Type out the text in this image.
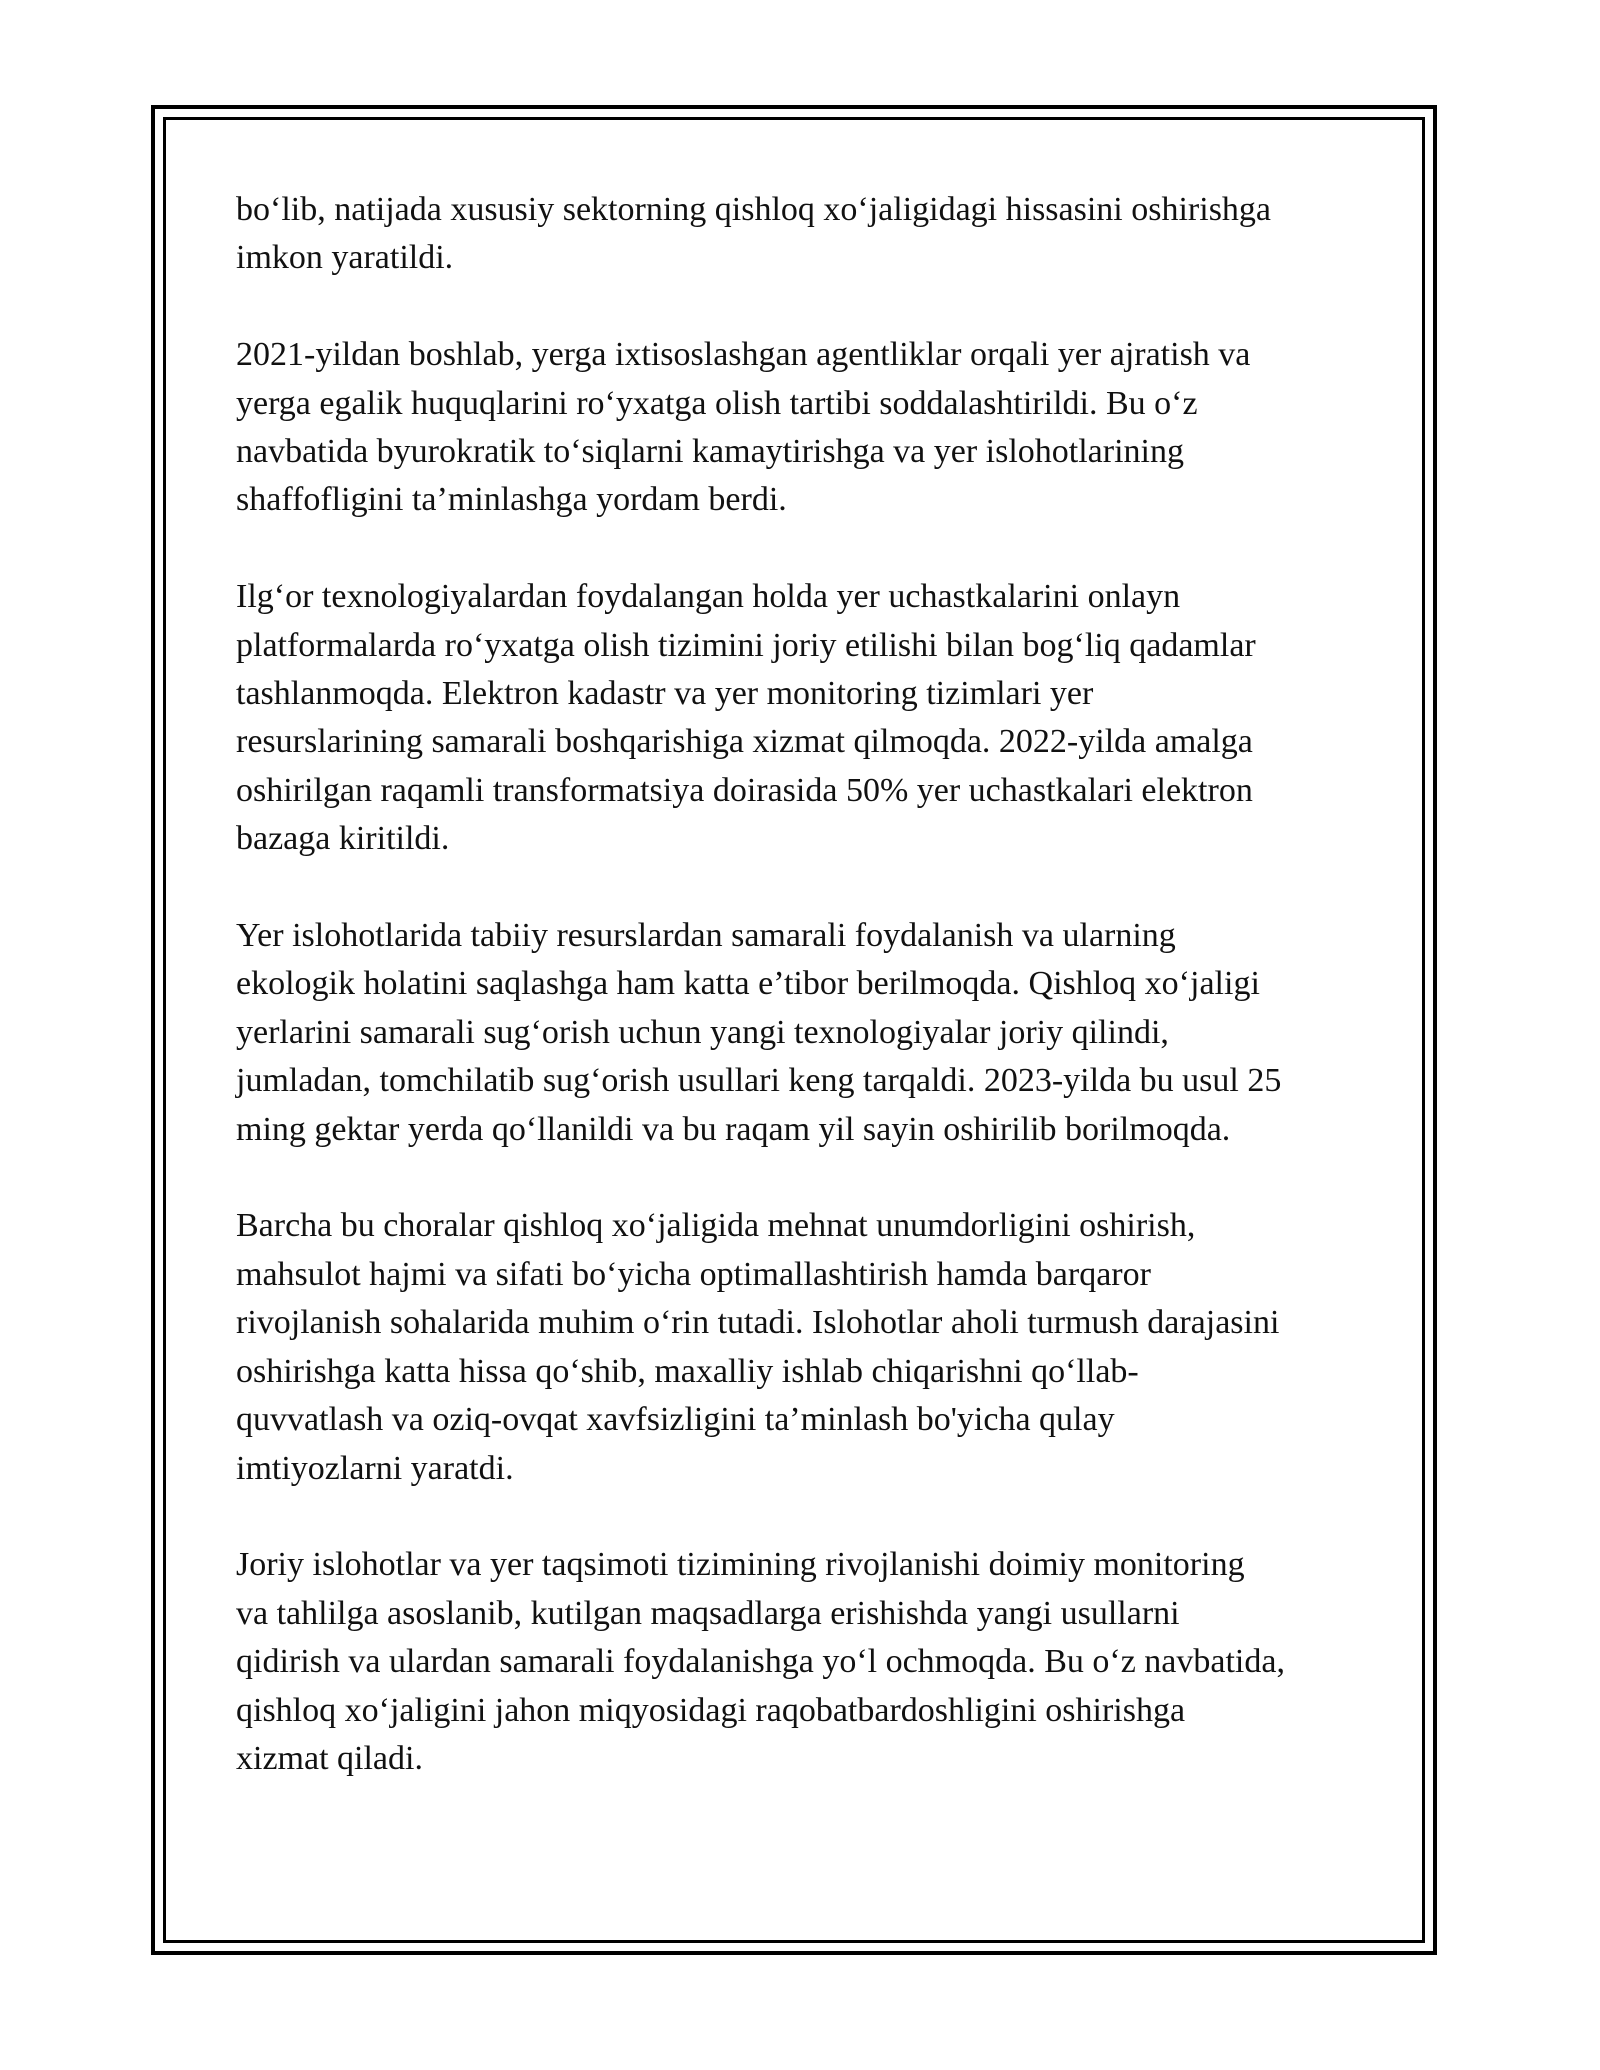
bo‘lib, natijada xususiy sektorning qishloq xo‘jaligidagi hissasini oshirishga
imkon yaratildi.

2021-yildan boshlab, yerga ixtisoslashgan agentliklar orqali yer ajratish va
yerga egalik huquqlarini ro‘yxatga olish tartibi soddalashtirildi. Bu o‘z
navbatida byurokratik to‘siqlarni kamaytirishga va yer islohotlarining
shaffofligini ta’minlashga yordam berdi.

Ilg‘or texnologiyalardan foydalangan holda yer uchastkalarini onlayn
platformalarda ro‘yxatga olish tizimini joriy etilishi bilan bog‘liq qadamlar
tashlanmoqda. Elektron kadastr va yer monitoring tizimlari yer
resurslarining samarali boshqarishiga xizmat qilmoqda. 2022-yilda amalga
oshirilgan raqamli transformatsiya doirasida 50% yer uchastkalari elektron
bazaga kiritildi.

Yer islohotlarida tabiiy resurslardan samarali foydalanish va ularning
ekologik holatini saqlashga ham katta e’tibor berilmoqda. Qishloq xo‘jaligi
yerlarini samarali sug‘orish uchun yangi texnologiyalar joriy qilindi,
jumladan, tomchilatib sug‘orish usullari keng tarqaldi. 2023-yilda bu usul 25
ming gektar yerda qo‘llanildi va bu raqam yil sayin oshirilib borilmoqda.

Barcha bu choralar qishloq xo‘jaligida mehnat unumdorligini oshirish,
mahsulot hajmi va sifati bo‘yicha optimallashtirish hamda barqaror
rivojlanish sohalarida muhim o‘rin tutadi. Islohotlar aholi turmush darajasini
oshirishga katta hissa qo‘shib, maxalliy ishlab chiqarishni qo‘llab-
quvvatlash va oziq-ovqat xavfsizligini ta’minlash bo'yicha qulay
imtiyozlarni yaratdi.

Joriy islohotlar va yer taqsimoti tizimining rivojlanishi doimiy monitoring
va tahlilga asoslanib, kutilgan maqsadlarga erishishda yangi usullarni
qidirish va ulardan samarali foydalanishga yo‘l ochmoqda. Bu o‘z navbatida,
qishloq xo‘jaligini jahon miqyosidagi raqobatbardoshligini oshirishga
xizmat qiladi.
